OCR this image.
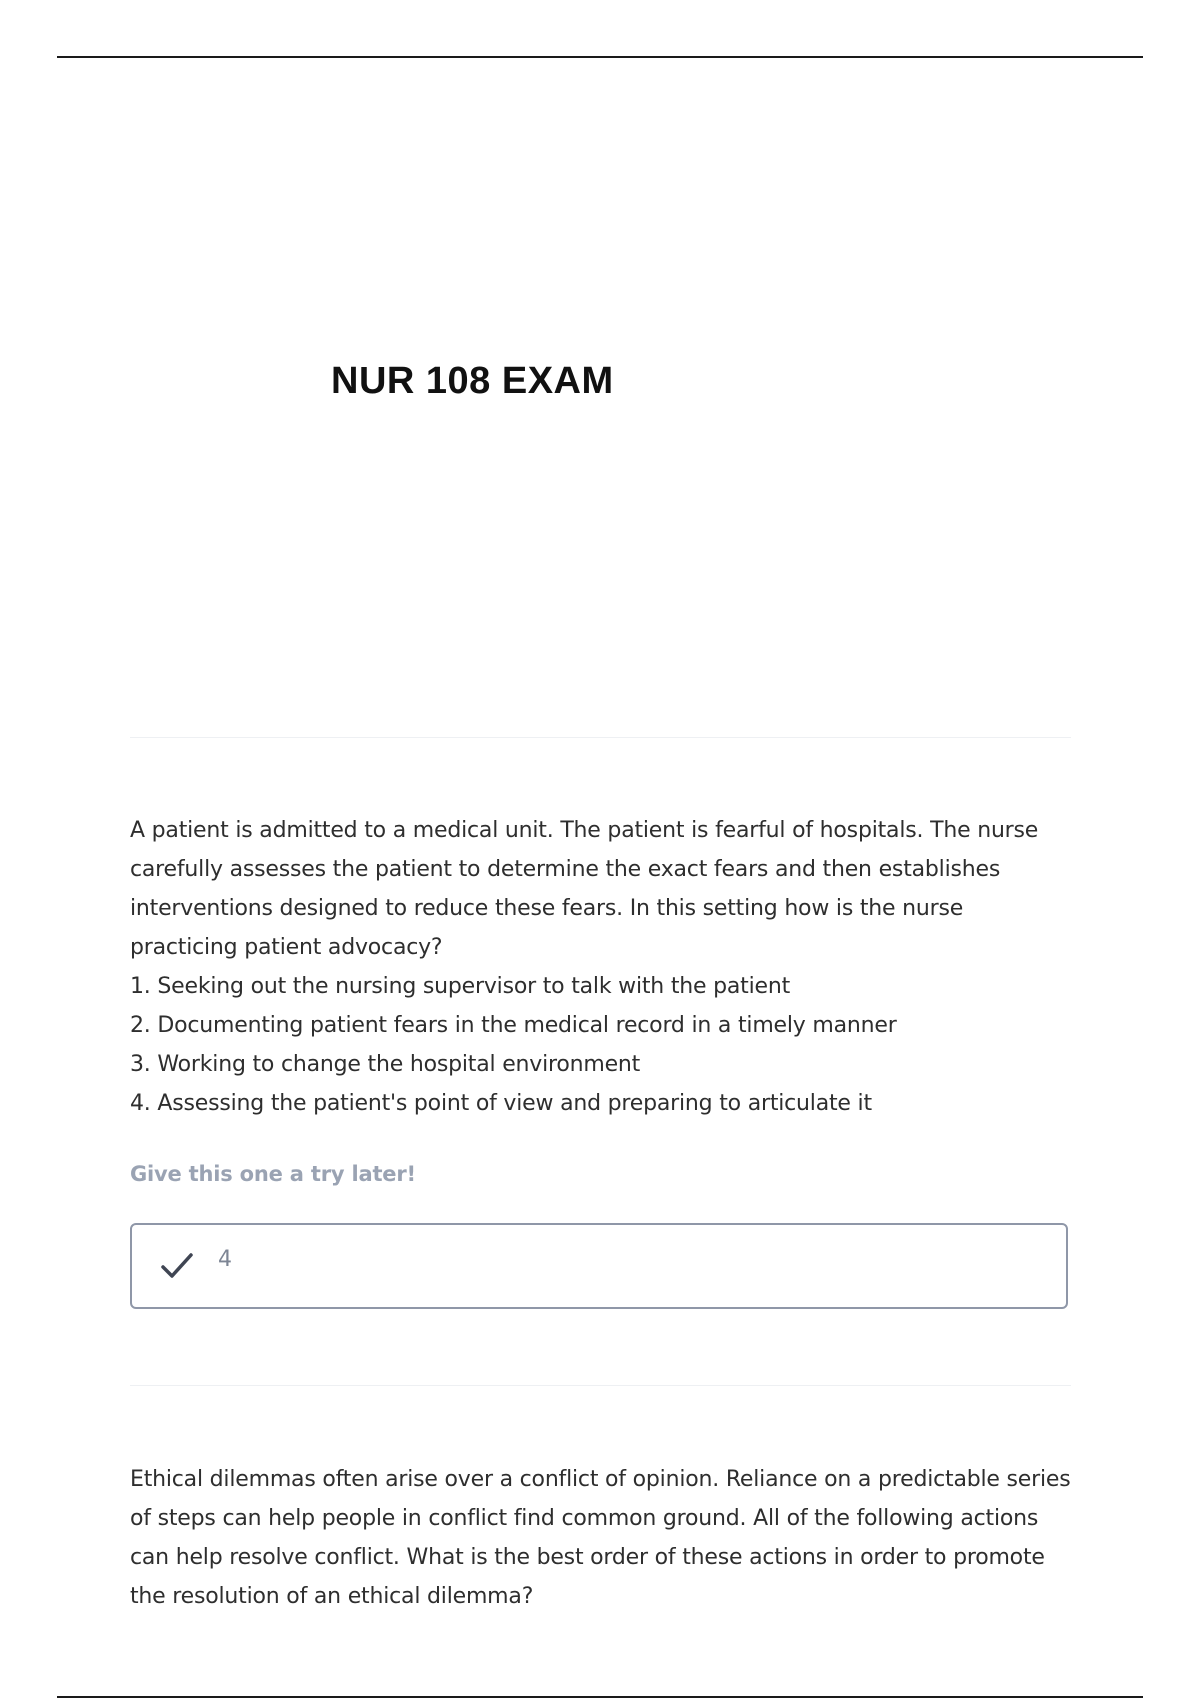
NUR 108 EXAM

A patient is admitted to a medical unit. The patient is fearful of hospitals. The nurse carefully assesses the patient to determine the exact fears and then establishes interventions designed to reduce these fears. In this setting how is the nurse practicing patient advocacy?

1. Seeking out the nursing supervisor to talk with the patient
2. Documenting patient fears in the medical record in a timely manner
3. Working to change the hospital environment
4. Assessing the patient's point of view and preparing to articulate it
Give this one a try later!
4

Ethical dilemmas often arise over a conflict of opinion. Reliance on a predictable series of steps can help people in conflict find common ground. All of the following actions can help resolve conflict. What is the best order of these actions in order to promote the resolution of an ethical dilemma?
